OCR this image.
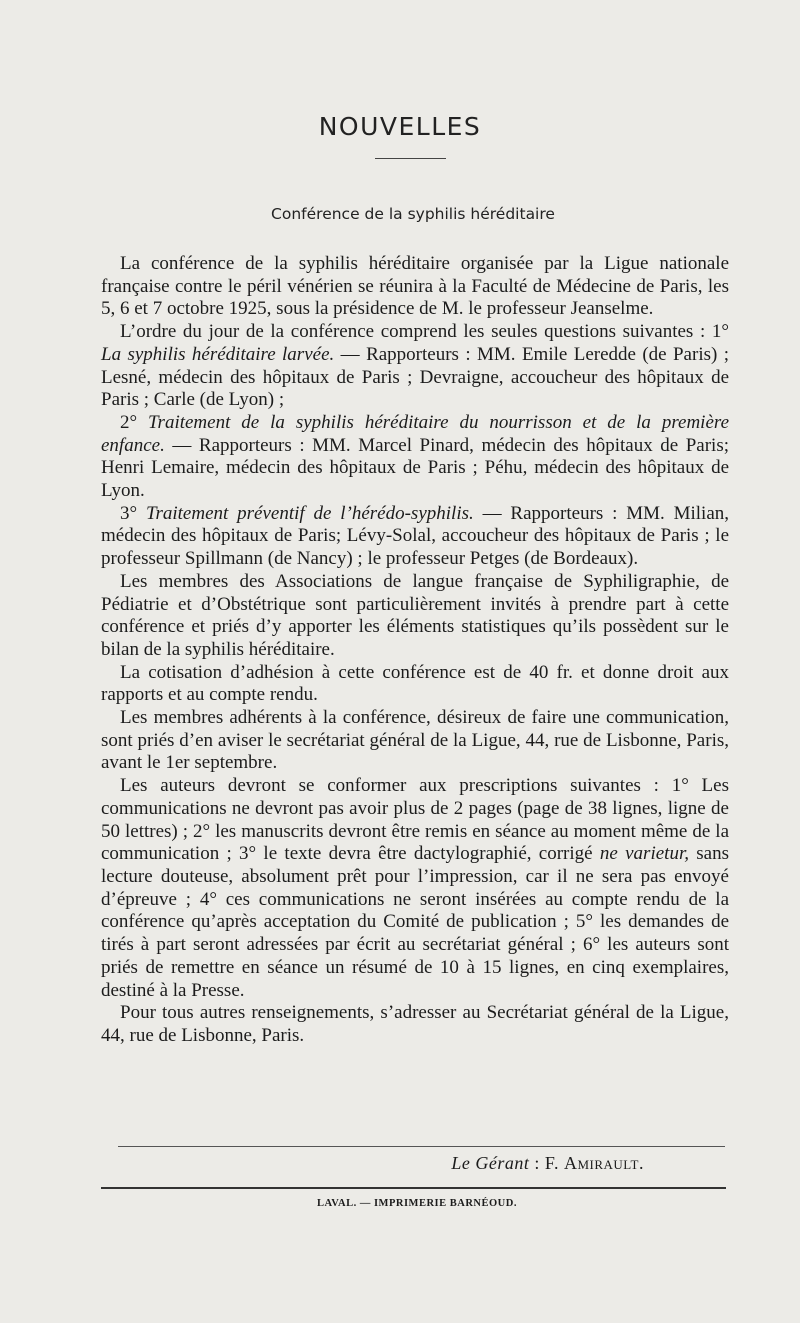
NOUVELLES
Conférence de la syphilis héréditaire

La conférence de la syphilis héréditaire organisée par la Ligue nationale française contre le péril vénérien se réunira à la Faculté de Médecine de Paris, les 5, 6 et 7 octobre 1925, sous la présidence de M. le professeur Jeanselme.

L’ordre du jour de la conférence comprend les seules questions suivantes : 1° La syphilis héréditaire larvée. — Rapporteurs : MM. Emile Leredde (de Paris) ; Lesné, médecin des hôpitaux de Paris ; Devraigne, accoucheur des hôpitaux de Paris ; Carle (de Lyon) ;

2° Traitement de la syphilis héréditaire du nourrisson et de la première enfance. — Rapporteurs : MM. Marcel Pinard, médecin des hôpitaux de Paris; Henri Lemaire, médecin des hôpitaux de Paris ; Péhu, médecin des hôpitaux de Lyon.

3° Traitement préventif de l’hérédo-syphilis. — Rapporteurs : MM. Milian, médecin des hôpitaux de Paris; Lévy-Solal, accoucheur des hôpitaux de Paris ; le professeur Spillmann (de Nancy) ; le professeur Petges (de Bordeaux).

Les membres des Associations de langue française de Syphiligraphie, de Pédiatrie et d’Obstétrique sont particulièrement invités à prendre part à cette conférence et priés d’y apporter les éléments statistiques qu’ils possèdent sur le bilan de la syphilis héréditaire.

La cotisation d’adhésion à cette conférence est de 40 fr. et donne droit aux rapports et au compte rendu.

Les membres adhérents à la conférence, désireux de faire une communication, sont priés d’en aviser le secrétariat général de la Ligue, 44, rue de Lisbonne, Paris, avant le 1er septembre.

Les auteurs devront se conformer aux prescriptions suivantes : 1° Les communications ne devront pas avoir plus de 2 pages (page de 38 lignes, ligne de 50 lettres) ; 2° les manuscrits devront être remis en séance au moment même de la communication ; 3° le texte devra être dactylographié, corrigé ne varietur, sans lecture douteuse, absolument prêt pour l’impression, car il ne sera pas envoyé d’épreuve ; 4° ces communications ne seront insérées au compte rendu de la conférence qu’après acceptation du Comité de publication ; 5° les demandes de tirés à part seront adressées par écrit au secrétariat général ; 6° les auteurs sont priés de remettre en séance un résumé de 10 à 15 lignes, en cinq exemplaires, destiné à la Presse.

Pour tous autres renseignements, s’adresser au Secrétariat général de la Ligue, 44, rue de Lisbonne, Paris.

Le Gérant : F. Amirault.
LAVAL. — IMPRIMERIE BARNÉOUD.
